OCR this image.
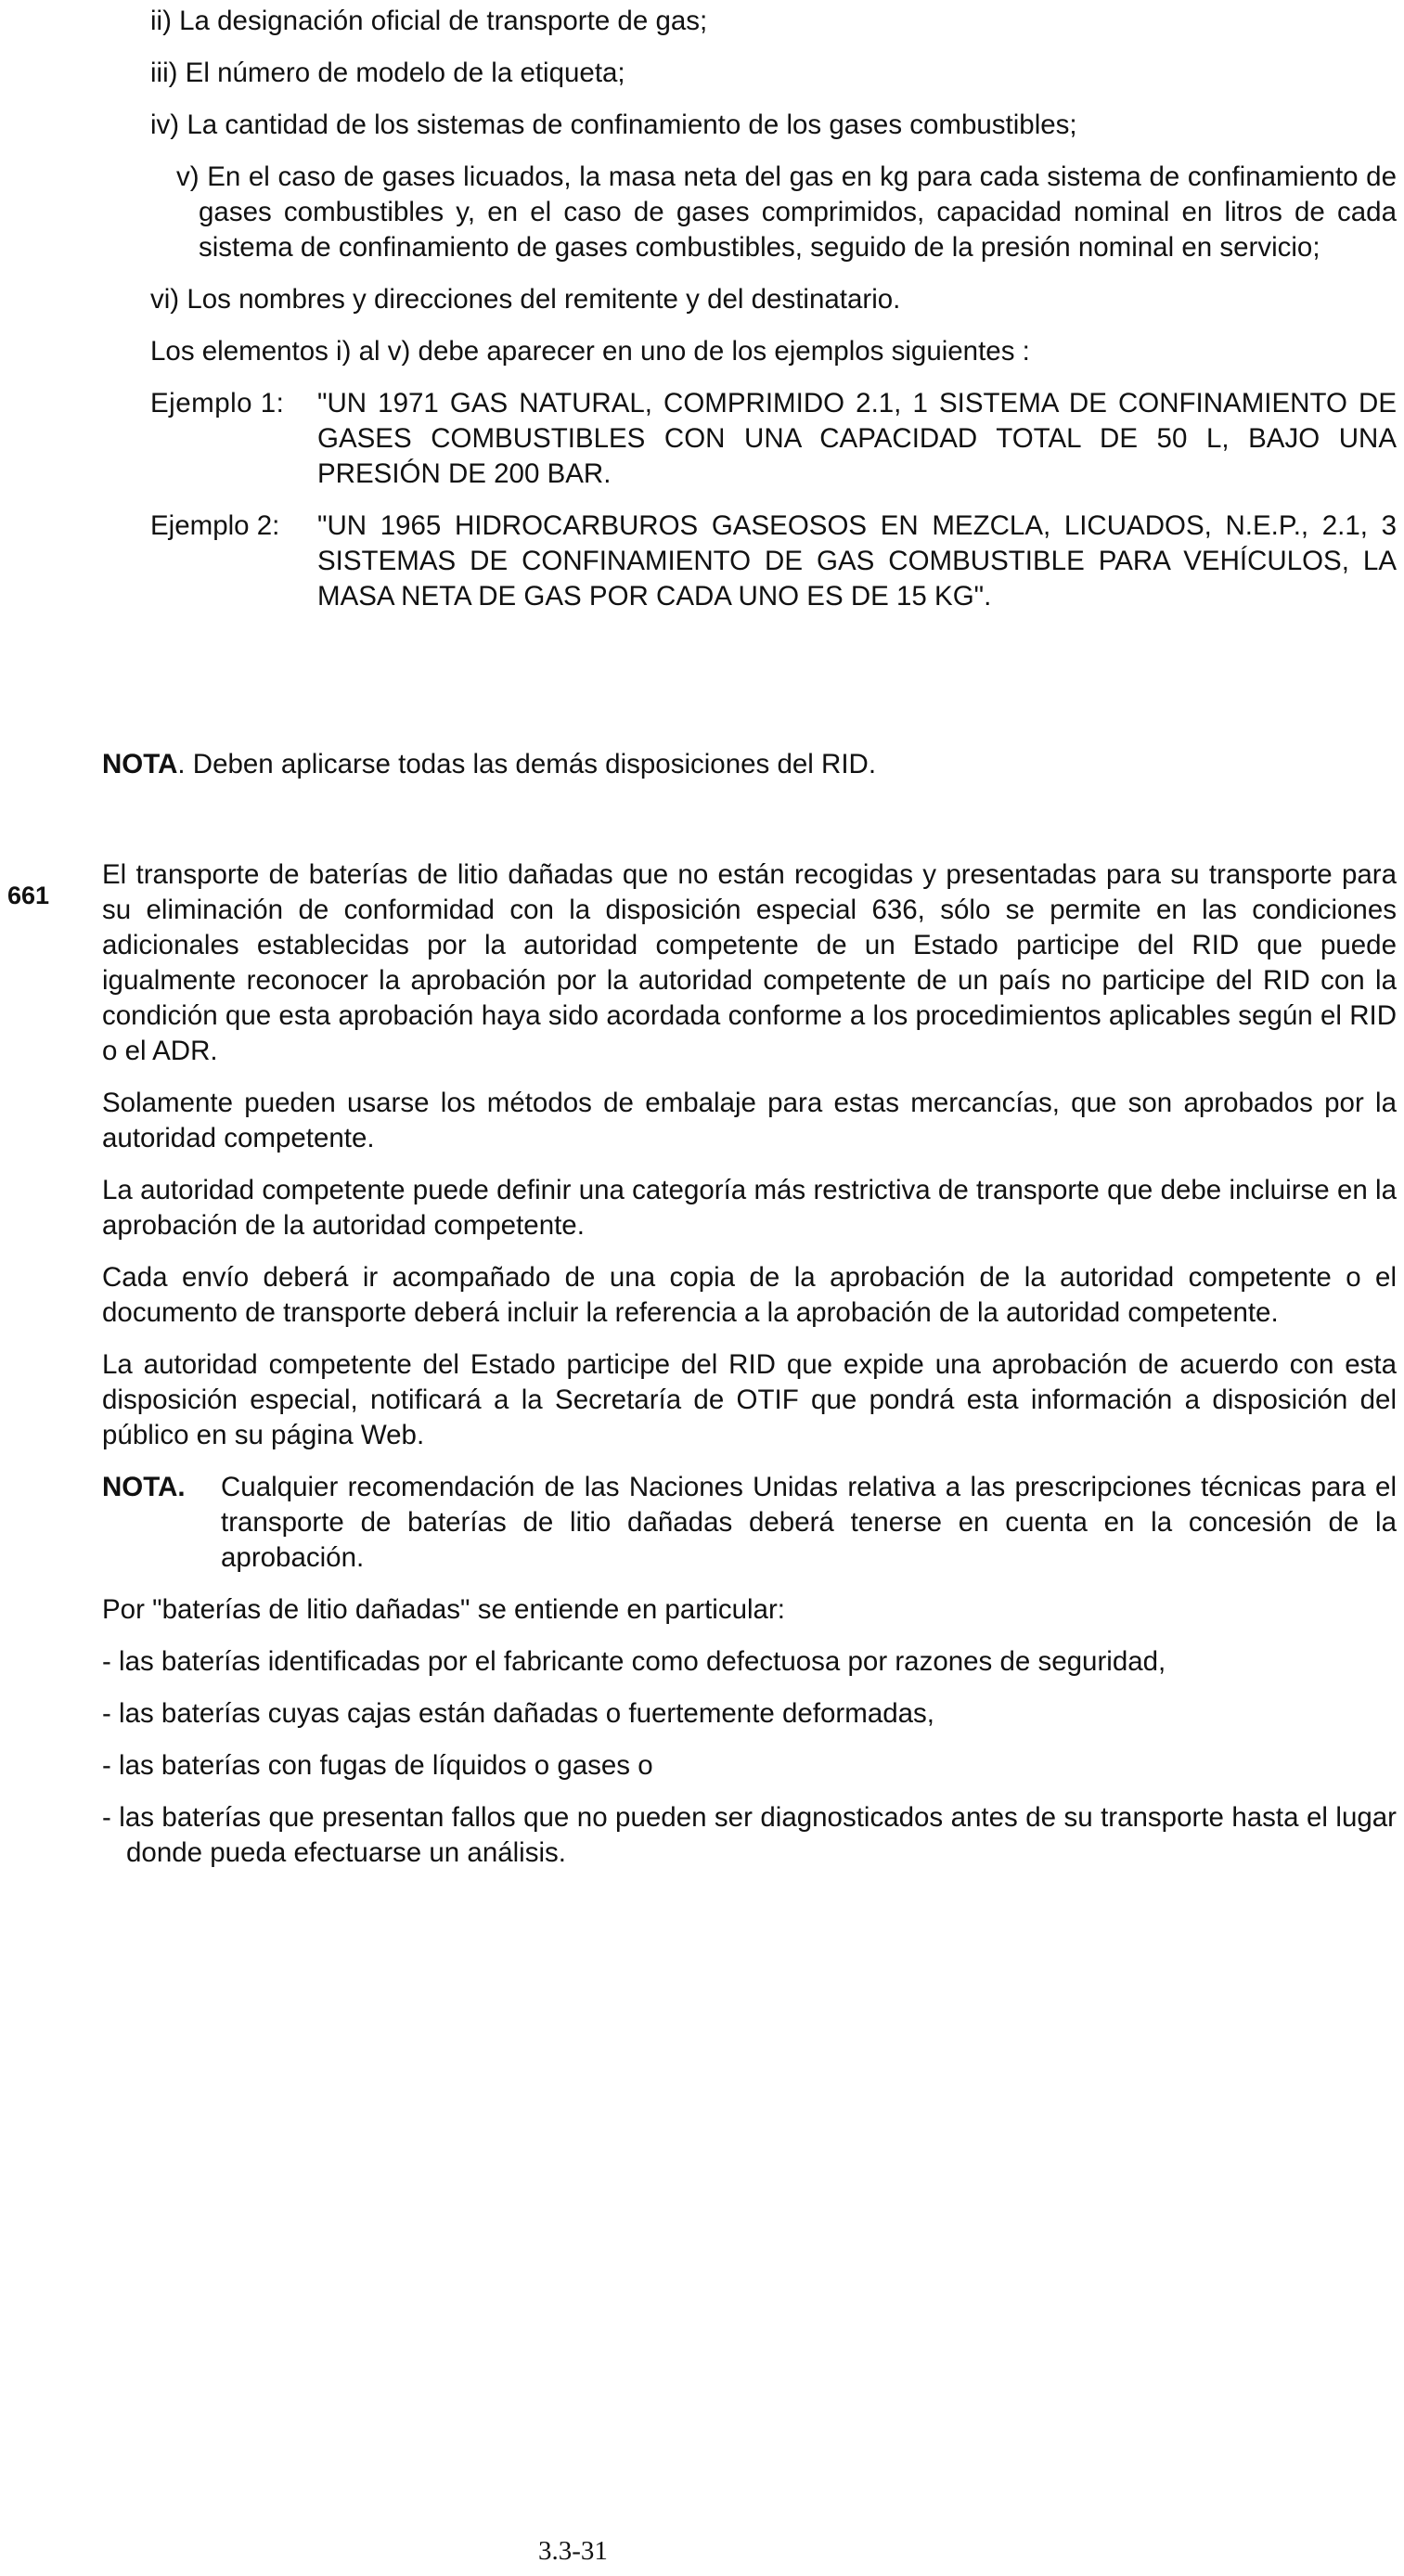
ii) La designación oficial de transporte de gas;

iii) El número de modelo de la etiqueta;

iv) La cantidad de los sistemas de confinamiento de los gases combustibles;

v) En el caso de gases licuados, la masa neta del gas en kg para cada sistema de confinamiento de gases combustibles y, en el caso de gases comprimidos, capacidad nominal en litros de cada sistema de confinamiento de gases combustibles, seguido de la presión nominal en servicio;

vi) Los nombres y direcciones del remitente y del destinatario.

Los elementos i) al v) debe aparecer en uno de los ejemplos siguientes :

Ejemplo 1:	"UN 1971 GAS NATURAL, COMPRIMIDO 2.1, 1 SISTEMA DE CONFINAMIENTO DE GASES COMBUSTIBLES CON UNA CAPACIDAD TOTAL DE 50 L, BAJO UNA PRESIÓN DE 200 BAR.
Ejemplo 2:	"UN 1965 HIDROCARBUROS GASEOSOS EN MEZCLA, LICUADOS, N.E.P., 2.1, 3 SISTEMAS DE CONFINAMIENTO DE GAS COMBUSTIBLE PARA VEHÍCULOS, LA MASA NETA DE GAS POR CADA UNO ES DE 15 KG".

NOTA. Deben aplicarse todas las demás disposiciones del RID.

661

El transporte de baterías de litio dañadas que no están recogidas y presentadas para su transporte para su eliminación de conformidad con la disposición especial 636, sólo se permite en las condiciones adicionales establecidas por la autoridad competente de un Estado participe del RID que puede igualmente reconocer la aprobación por la autoridad competente de un país no participe del RID con la condición que esta aprobación haya sido acordada conforme a los procedimientos aplicables según el RID o el ADR.

Solamente pueden usarse los métodos de embalaje para estas mercancías, que son aprobados por la autoridad competente.

La autoridad competente puede definir una categoría más restrictiva de transporte que debe incluirse en la aprobación de la autoridad competente.

Cada envío deberá ir acompañado de una copia de la aprobación de la autoridad competente o el documento de transporte deberá incluir la referencia a la aprobación de la autoridad competente.

La autoridad competente del Estado participe del RID que expide una aprobación de acuerdo con esta disposición especial, notificará a la Secretaría de OTIF que pondrá esta información a disposición del público en su página Web.

NOTA.	Cualquier recomendación de las Naciones Unidas relativa a las prescripciones técnicas para el transporte de baterías de litio dañadas deberá tenerse en cuenta en la concesión de la aprobación.

Por "baterías de litio dañadas" se entiende en particular:

- las baterías identificadas por el fabricante como defectuosa por razones de seguridad,

- las baterías cuyas cajas están dañadas o fuertemente deformadas,

- las baterías con fugas de líquidos o gases o

- las baterías que presentan fallos que no pueden ser diagnosticados antes de su transporte hasta el lugar donde pueda efectuarse un análisis.

3.3-31
